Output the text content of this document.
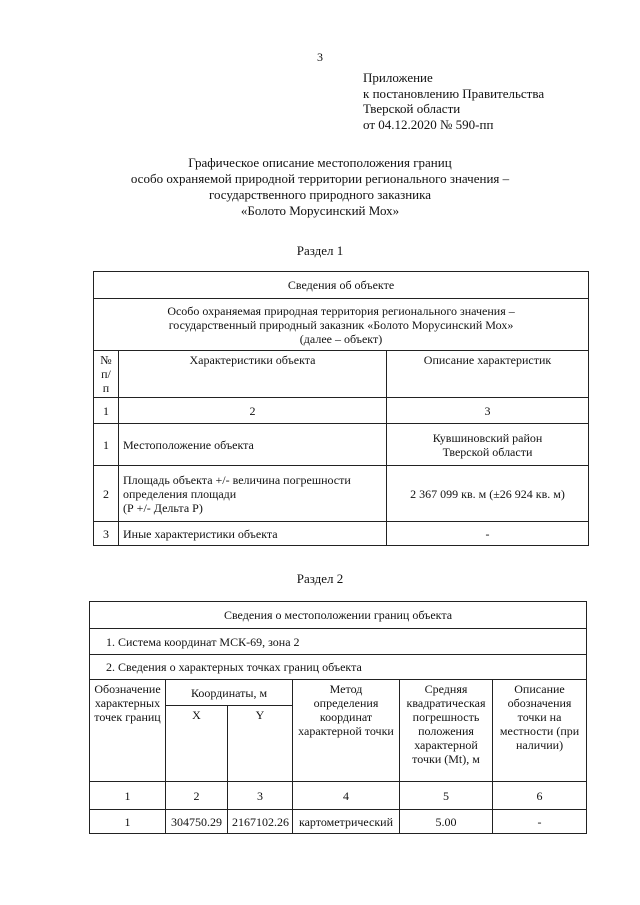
3
Приложение
к постановлению Правительства
Тверской области
от 04.12.2020 № 590-пп
Графическое описание местоположения границ
особо охраняемой природной территории регионального значения –
государственного природного заказника
«Болото Морусинский Мох»
Раздел 1
Сведения об объекте		

Особо охраняемая природная территория регионального значения –
государственный природный заказник «Болото Морусинский Мох»
(далее – объект)		

№ п/п	Характеристики объекта	Описание характеристик
1	2	3
1	Местоположение объекта	Кувшиновский район
Тверской области

2	Площадь объекта +/- величина погрешности
определения площади
(Р +/- Дельта Р)	2 367 099 кв. м (±26 924 кв. м)
3	Иные характеристики объекта	-
Раздел 2
Сведения о местоположении границ объекта					
1. Система координат МСК-69, зона 2					
2. Сведения о характерных точках границ объекта					
Обозначение характерных точек границ	Координаты, м		Метод определения координат характерной точки	Средняя квадратическая погрешность положения характерной точки (Mt), м	Описание обозначения точки на местности (при наличии)
	X	Y			
1	2	3	4	5	6
1	304750.29	2167102.26	картометрический	5.00	-
